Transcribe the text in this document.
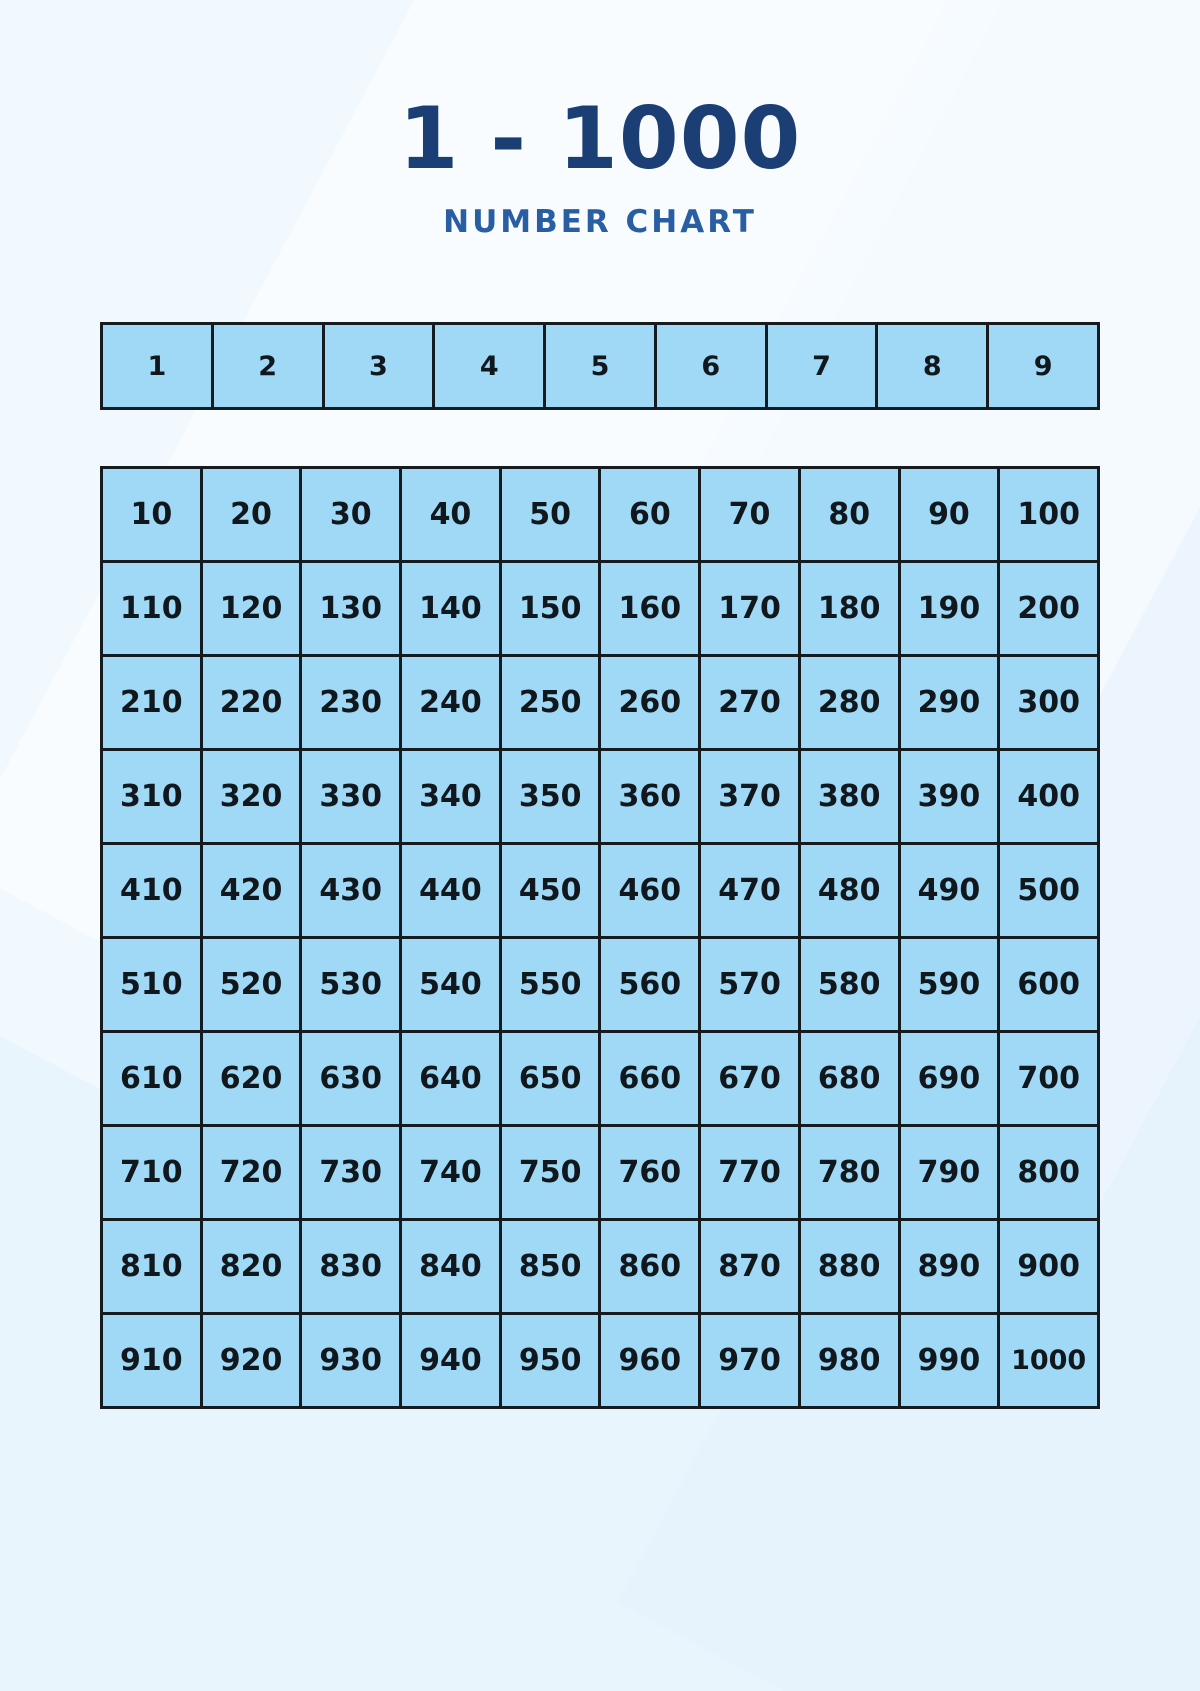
1 - 1000
NUMBER CHART
1	2	3	4	5	6	7	8	9
10	20	30	40	50	60	70	80	90	100
110	120	130	140	150	160	170	180	190	200
210	220	230	240	250	260	270	280	290	300
310	320	330	340	350	360	370	380	390	400
410	420	430	440	450	460	470	480	490	500
510	520	530	540	550	560	570	580	590	600
610	620	630	640	650	660	670	680	690	700
710	720	730	740	750	760	770	780	790	800
810	820	830	840	850	860	870	880	890	900
910	920	930	940	950	960	970	980	990	1000
